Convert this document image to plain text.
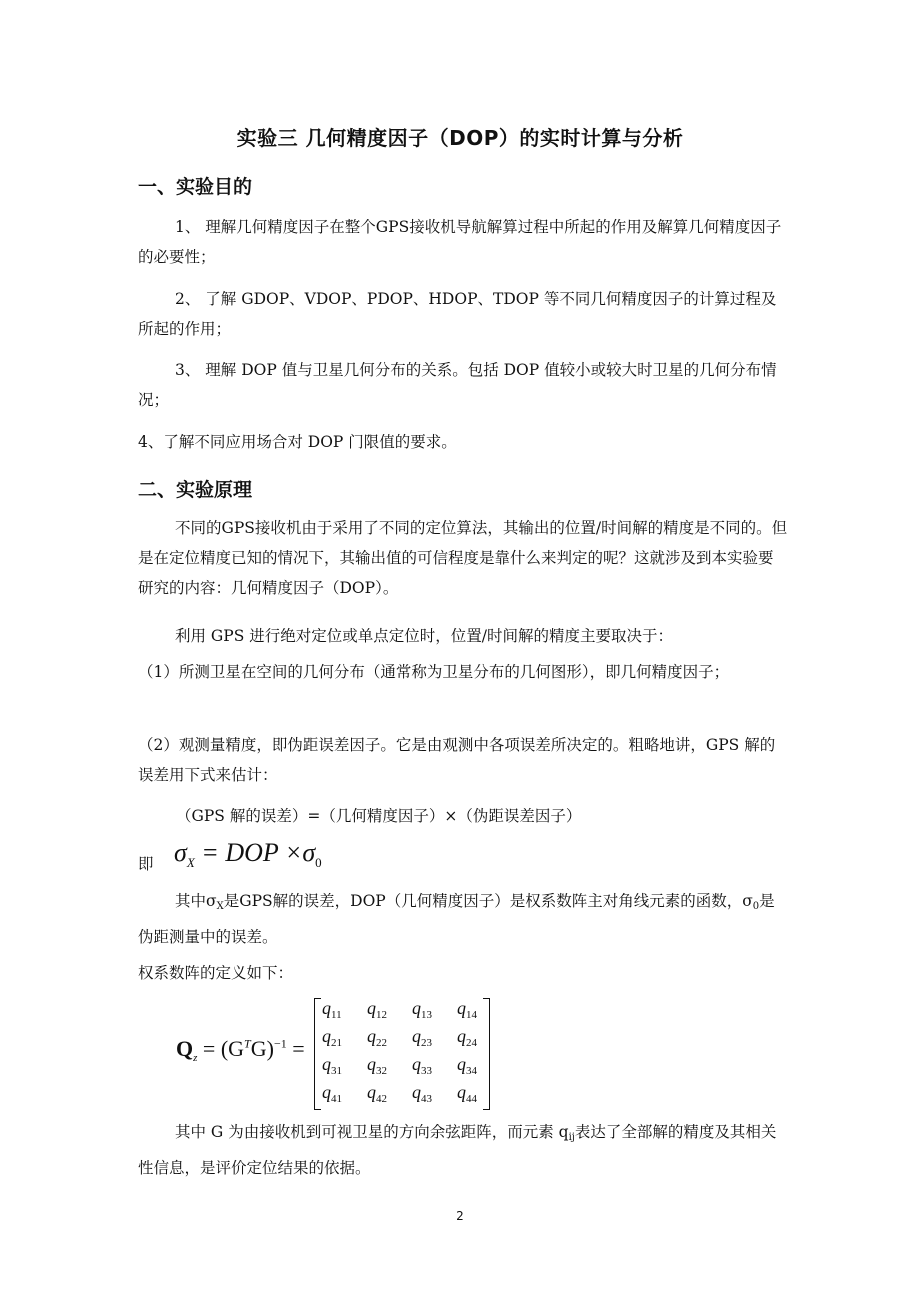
实验三 几何精度因子（DOP）的实时计算与分析
一、实验目的
1、 理解几何精度因子在整个GPS接收机导航解算过程中所起的作用及解算几何精度因子的必要性；
2、 了解 GDOP、VDOP、PDOP、HDOP、TDOP 等不同几何精度因子的计算过程及所起的作用；
3、 理解 DOP 值与卫星几何分布的关系。包括 DOP 值较小或较大时卫星的几何分布情况；
4、了解不同应用场合对 DOP 门限值的要求。
二、实验原理
不同的GPS接收机由于采用了不同的定位算法，其输出的位置/时间解的精度是不同的。但是在定位精度已知的情况下，其输出值的可信程度是靠什么来判定的呢？这就涉及到本实验要研究的内容：几何精度因子（DOP）。
利用 GPS 进行绝对定位或单点定位时，位置/时间解的精度主要取决于：
（1）所测卫星在空间的几何分布（通常称为卫星分布的几何图形），即几何精度因子；
（2）观测量精度，即伪距误差因子。它是由观测中各项误差所决定的。粗略地讲，GPS 解的误差用下式来估计：
（GPS 解的误差）=（几何精度因子）×（伪距误差因子）
即 $\sigma_X$ = DOP $\times\sigma_0$
其中σX是GPS解的误差，DOP（几何精度因子）是权系数阵主对角线元素的函数，σ0是伪距测量中的误差。
权系数阵的定义如下：
$Q_z = (G^TG)^{-1}$ =
$q_{11}$ $q_{12}$ $q_{13}$ $q_{14}$
$q_{21}$ $q_{22}$ $q_{23}$ $q_{24}$
$q_{31}$ $q_{32}$ $q_{33}$ $q_{34}$
$q_{41}$ $q_{42}$ $q_{43}$ $q_{44}$
其中 G 为由接收机到可视卫星的方向余弦距阵，而元素 qij表达了全部解的精度及其相关性信息，是评价定位结果的依据。
2
